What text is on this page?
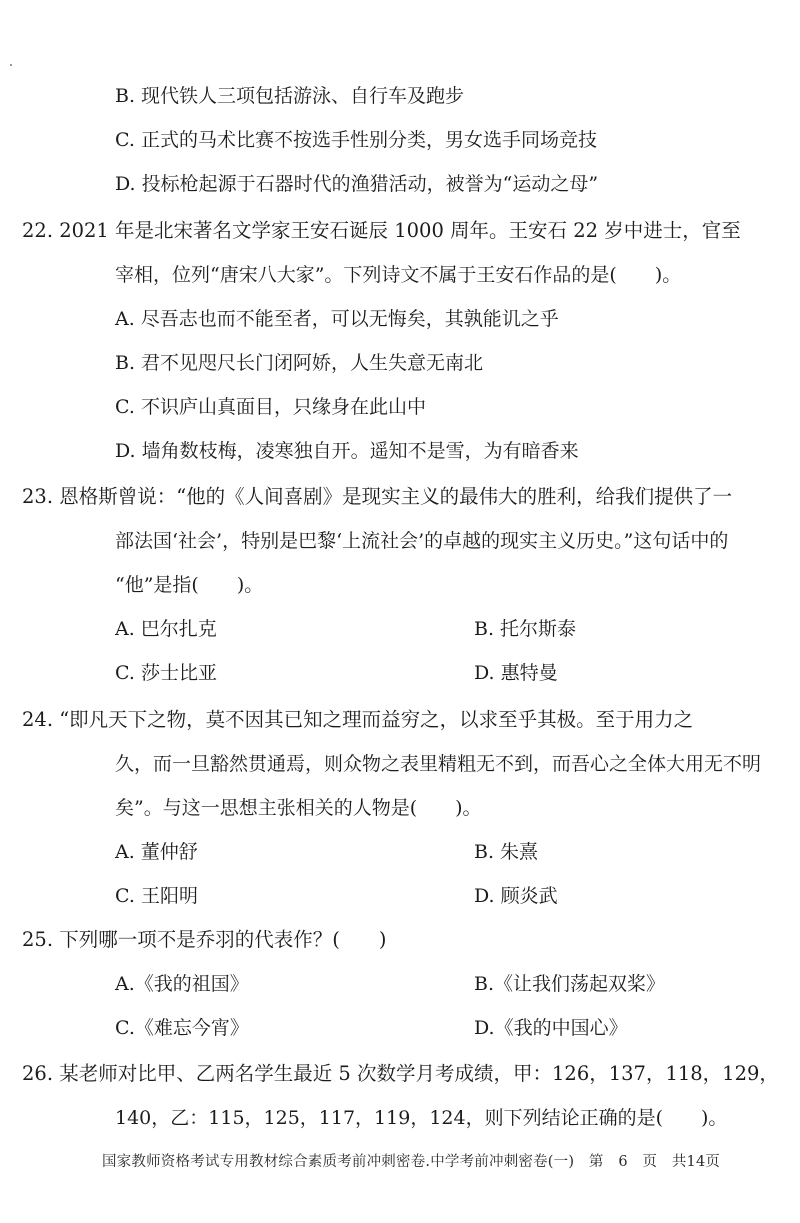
B. 现代铁人三项包括游泳、自行车及跑步
C. 正式的马术比赛不按选手性别分类，男女选手同场竞技
D. 投标枪起源于石器时代的渔猎活动，被誉为“运动之母”
22. 2021 年是北宋著名文学家王安石诞辰 1000 周年。王安石 22 岁中进士，官至
宰相，位列“唐宋八大家”。下列诗文不属于王安石作品的是(　　)。
A. 尽吾志也而不能至者，可以无悔矣，其孰能讥之乎
B. 君不见咫尺长门闭阿娇，人生失意无南北
C. 不识庐山真面目，只缘身在此山中
D. 墙角数枝梅，凌寒独自开。遥知不是雪，为有暗香来
23. 恩格斯曾说：“他的《人间喜剧》是现实主义的最伟大的胜利，给我们提供了一
部法国‘社会’，特别是巴黎‘上流社会’的卓越的现实主义历史。”这句话中的
“他”是指(　　)。
A. 巴尔扎克	B. 托尔斯泰
C. 莎士比亚	D. 惠特曼
24. “即凡天下之物，莫不因其已知之理而益穷之，以求至乎其极。至于用力之
久，而一旦豁然贯通焉，则众物之表里精粗无不到，而吾心之全体大用无不明
矣”。与这一思想主张相关的人物是(　　)。
A. 董仲舒	B. 朱熹
C. 王阳明	D. 顾炎武
25. 下列哪一项不是乔羽的代表作？(　　)
A.《我的祖国》	B.《让我们荡起双桨》
C.《难忘今宵》	D.《我的中国心》
26. 某老师对比甲、乙两名学生最近 5 次数学月考成绩，甲：126，137，118，129，
140，乙：115，125，117，119，124，则下列结论正确的是(　　)。
国家教师资格考试专用教材综合素质考前冲刺密卷.中学考前冲刺密卷(一)　第　6　页　共14页
